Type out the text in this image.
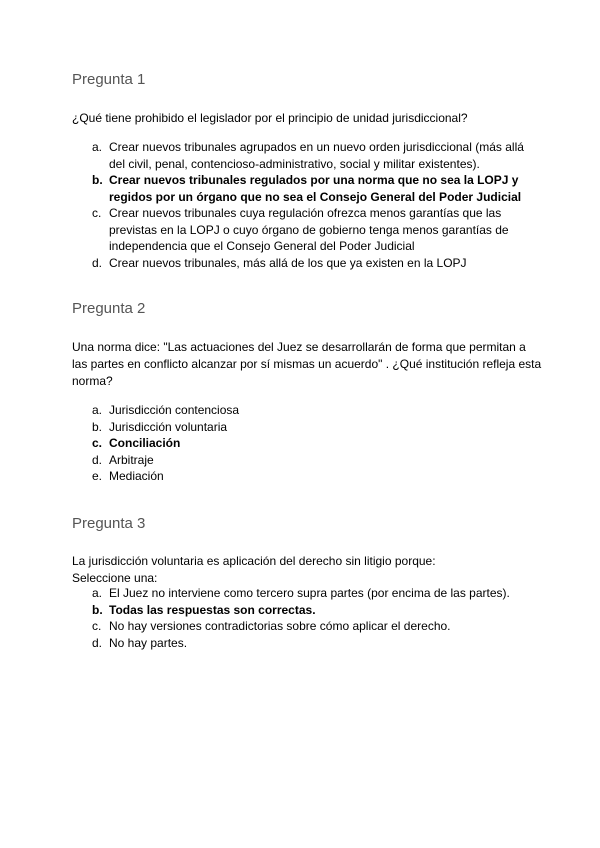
Pregunta 1
¿Qué tiene prohibido el legislador por el principio de unidad jurisdiccional?
a. Crear nuevos tribunales agrupados en un nuevo orden jurisdiccional (más allá del civil, penal, contencioso-administrativo, social y militar existentes).
b. Crear nuevos tribunales regulados por una norma que no sea la LOPJ y regidos por un órgano que no sea el Consejo General del Poder Judicial
c. Crear nuevos tribunales cuya regulación ofrezca menos garantías que las previstas en la LOPJ o cuyo órgano de gobierno tenga menos garantías de independencia que el Consejo General del Poder Judicial
d. Crear nuevos tribunales, más allá de los que ya existen en la LOPJ
Pregunta 2
Una norma dice: "Las actuaciones del Juez se desarrollarán de forma que permitan a las partes en conflicto alcanzar por sí mismas un acuerdo" . ¿Qué institución refleja esta norma?
a. Jurisdicción contenciosa
b. Jurisdicción voluntaria
c. Conciliación
d. Arbitraje
e. Mediación
Pregunta 3
La jurisdicción voluntaria es aplicación del derecho sin litigio porque:
Seleccione una:
a. El Juez no interviene como tercero supra partes (por encima de las partes).
b. Todas las respuestas son correctas.
c. No hay versiones contradictorias sobre cómo aplicar el derecho.
d. No hay partes.
